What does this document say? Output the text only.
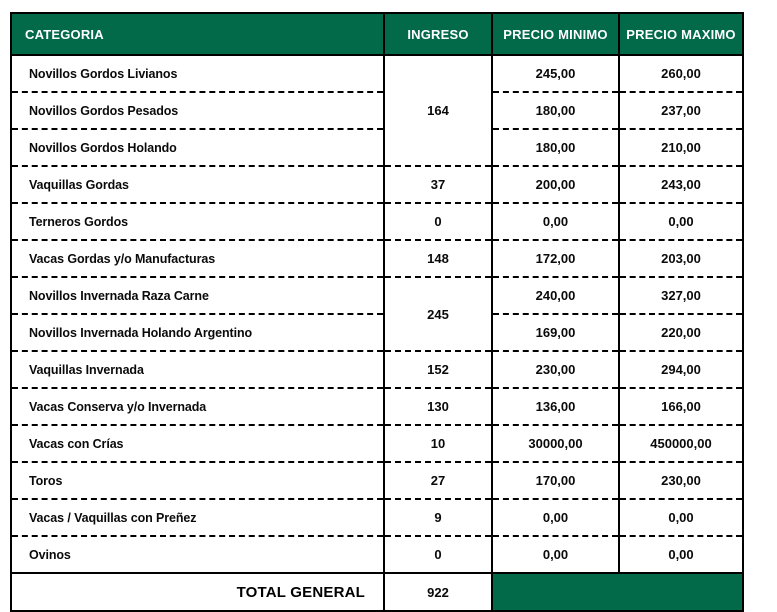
CATEGORIA	INGRESO	PRECIO MINIMO	PRECIO MAXIMO
Novillos Gordos Livianos	164	245,00	260,00
Novillos Gordos Pesados		180,00	237,00
Novillos Gordos Holando		180,00	210,00
Vaquillas Gordas	37	200,00	243,00
Terneros Gordos	0	0,00	0,00
Vacas Gordas y/o Manufacturas	148	172,00	203,00
Novillos Invernada Raza Carne	245	240,00	327,00
Novillos Invernada Holando Argentino		169,00	220,00
Vaquillas Invernada	152	230,00	294,00
Vacas Conserva y/o Invernada	130	136,00	166,00
Vacas con Crías	10	30000,00	450000,00
Toros	27	170,00	230,00
Vacas / Vaquillas con Preñez	9	0,00	0,00
Ovinos	0	0,00	0,00
TOTAL GENERAL	922		
